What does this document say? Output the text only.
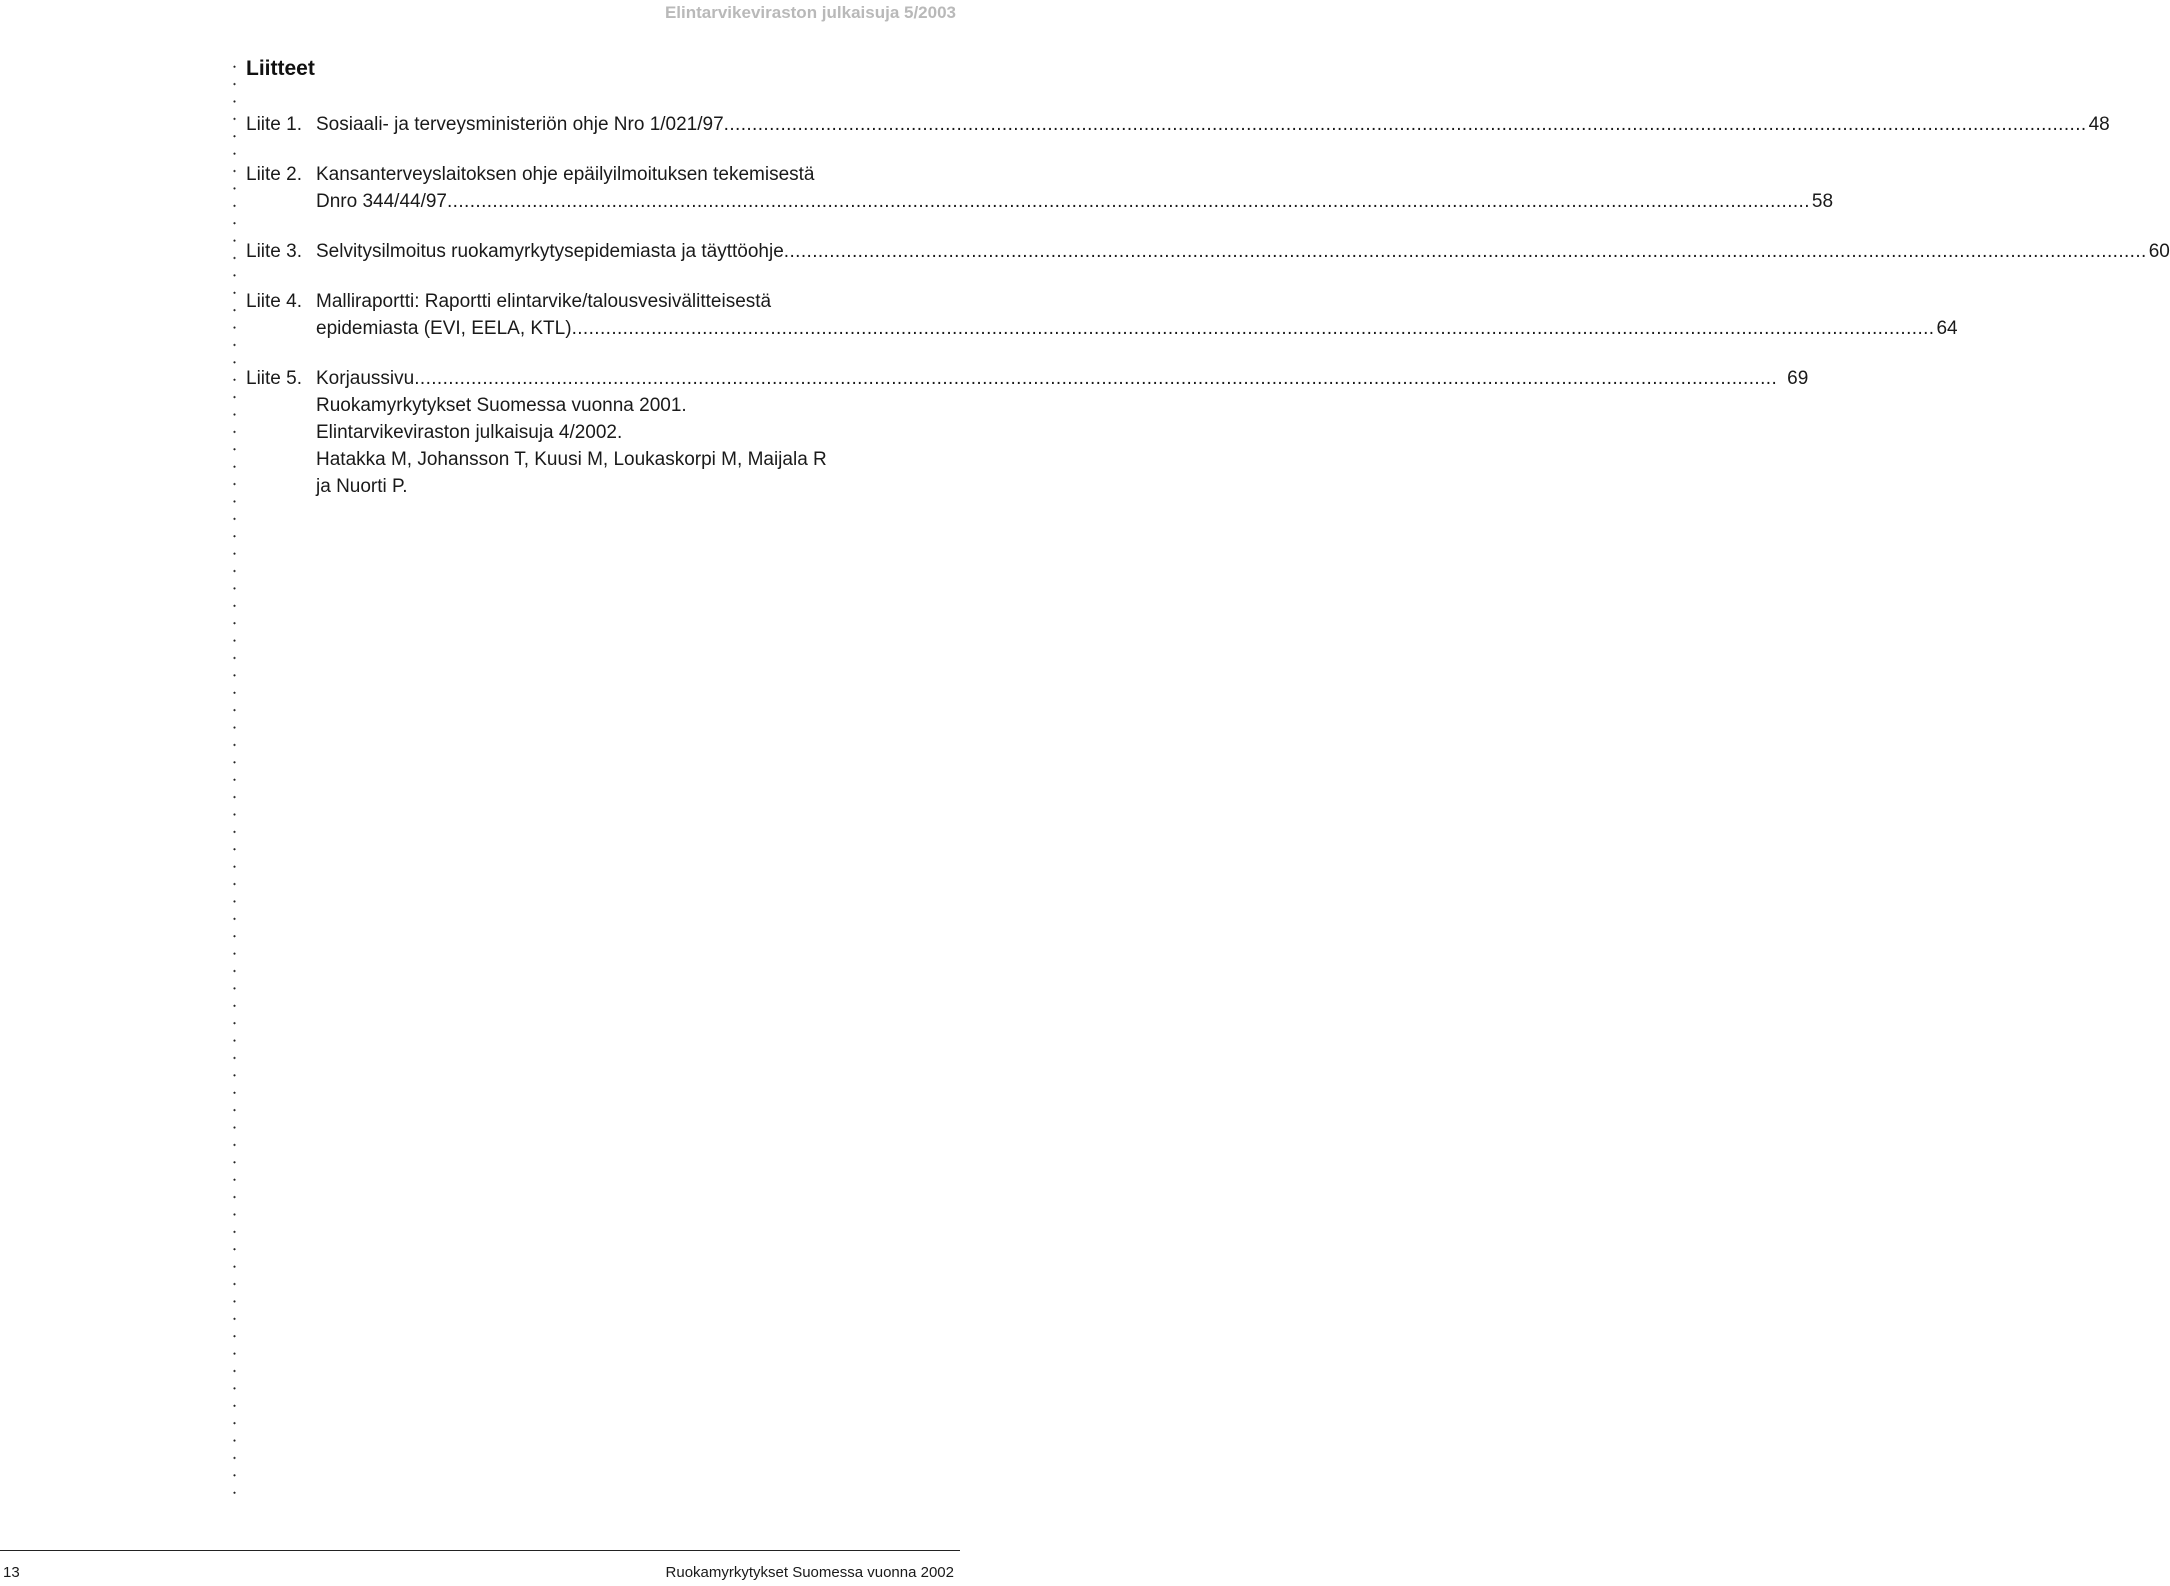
Elintarvikeviraston julkaisuja 5/2003
Liitteet
Liite 1. Sosiaali- ja terveysministeriön ohje Nro 1/021/97 .....	48
Liite 2. Kansanterveyslaitoksen ohje epäilyilmoituksen tekemisestä
Dnro 344/44/97 .....	58
Liite 3. Selvitysilmoitus ruokamyrkytysepidemiasta ja täyttöohje .....	60
Liite 4. Malliraportti: Raportti elintarvike/talousvesivälitteisestä
epidemiasta (EVI, EELA, KTL) .....	64
Liite 5. Korjaussivu .....	69
Ruokamyrkytykset Suomessa vuonna 2001.
Elintarvikeviraston julkaisuja 4/2002.
Hatakka M, Johansson T, Kuusi M, Loukaskorpi M, Maijala R
ja Nuorti P.
13	Ruokamyrkytykset Suomessa vuonna 2002
